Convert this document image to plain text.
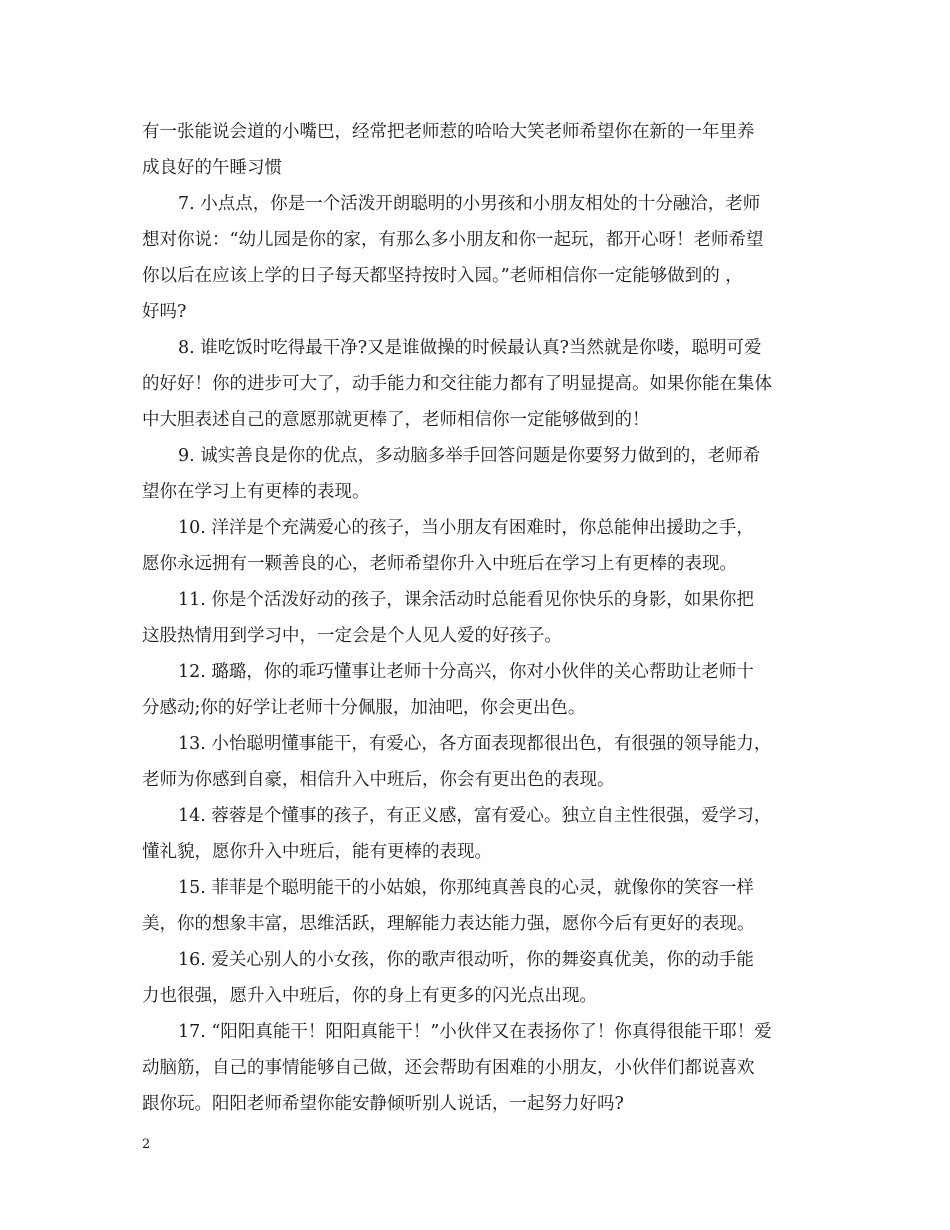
有一张能说会道的小嘴巴，经常把老师惹的哈哈大笑老师希望你在新的一年里养
成良好的午睡习惯
7. 小点点，你是一个活泼开朗聪明的小男孩和小朋友相处的十分融洽，老师
想对你说：“幼儿园是你的家，有那么多小朋友和你一起玩，都开心呀！老师希望
你以后在应该上学的日子每天都坚持按时入园。”老师相信你一定能够做到的 ，
好吗?
8. 谁吃饭时吃得最干净?又是谁做操的时候最认真?当然就是你喽，聪明可爱
的好好！你的进步可大了，动手能力和交往能力都有了明显提高。如果你能在集体
中大胆表述自己的意愿那就更棒了，老师相信你一定能够做到的！
9. 诚实善良是你的优点，多动脑多举手回答问题是你要努力做到的，老师希
望你在学习上有更棒的表现。
10. 洋洋是个充满爱心的孩子，当小朋友有困难时，你总能伸出援助之手，
愿你永远拥有一颗善良的心，老师希望你升入中班后在学习上有更棒的表现。
11. 你是个活泼好动的孩子，课余活动时总能看见你快乐的身影，如果你把
这股热情用到学习中，一定会是个人见人爱的好孩子。
12. 璐璐，你的乖巧懂事让老师十分高兴，你对小伙伴的关心帮助让老师十
分感动;你的好学让老师十分佩服，加油吧，你会更出色。
13. 小怡聪明懂事能干，有爱心，各方面表现都很出色，有很强的领导能力，
老师为你感到自豪，相信升入中班后，你会有更出色的表现。
14. 蓉蓉是个懂事的孩子，有正义感，富有爱心。独立自主性很强，爱学习，
懂礼貌，愿你升入中班后，能有更棒的表现。
15. 菲菲是个聪明能干的小姑娘，你那纯真善良的心灵，就像你的笑容一样
美，你的想象丰富，思维活跃，理解能力表达能力强，愿你今后有更好的表现。
16. 爱关心别人的小女孩，你的歌声很动听，你的舞姿真优美，你的动手能
力也很强，愿升入中班后，你的身上有更多的闪光点出现。
17. “阳阳真能干！阳阳真能干！”小伙伴又在表扬你了！你真得很能干耶！爱
动脑筋，自己的事情能够自己做，还会帮助有困难的小朋友，小伙伴们都说喜欢
跟你玩。阳阳老师希望你能安静倾听别人说话，一起努力好吗?
2
